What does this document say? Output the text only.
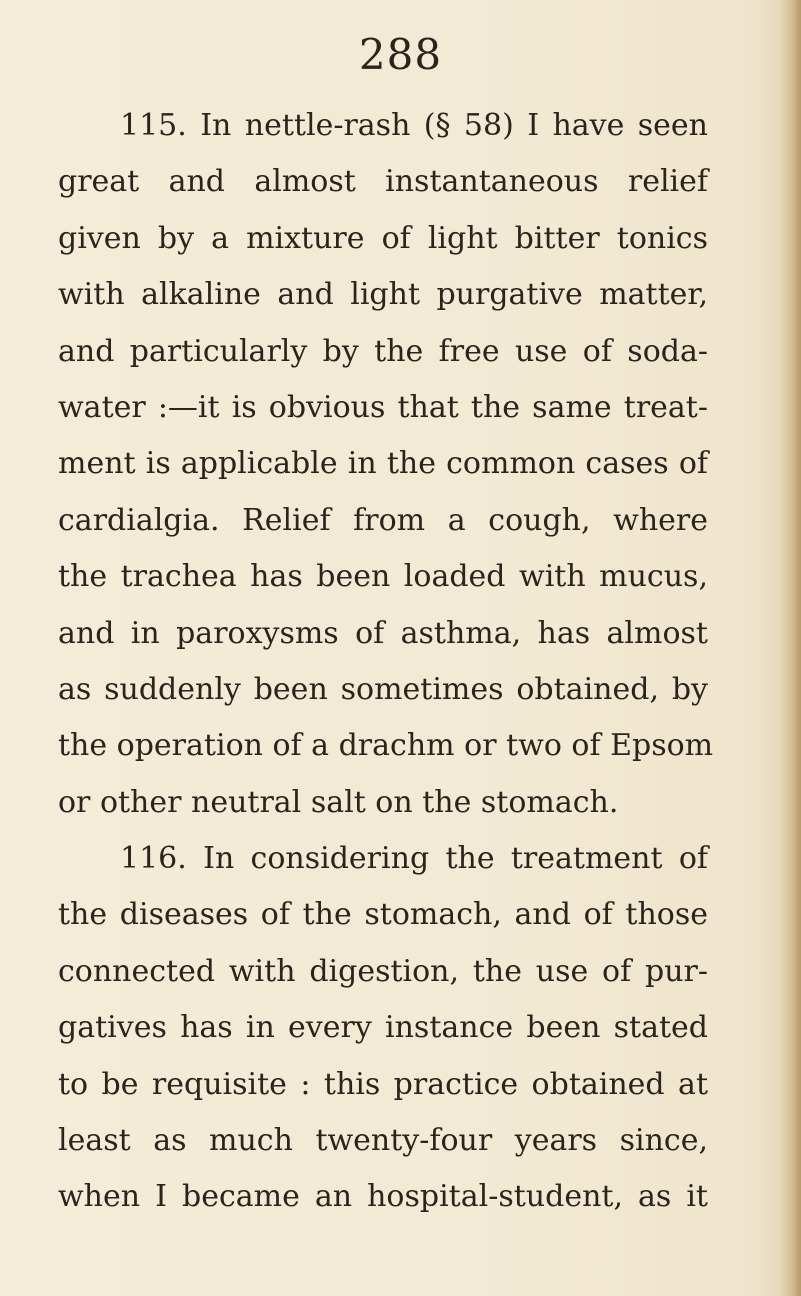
288
115. In nettle-rash (§ 58) I have seen
great and almost instantaneous relief
given by a mixture of light bitter tonics
with alkaline and light purgative matter,
and particularly by the free use of soda-
water :—it is obvious that the same treat-
ment is applicable in the common cases of
cardialgia. Relief from a cough, where
the trachea has been loaded with mucus,
and in paroxysms of asthma, has almost
as suddenly been sometimes obtained, by
the operation of a drachm or two of Epsom
or other neutral salt on the stomach.
116. In considering the treatment of
the diseases of the stomach, and of those
connected with digestion, the use of pur-
gatives has in every instance been stated
to be requisite : this practice obtained at
least as much twenty-four years since,
when I became an hospital-student, as it
